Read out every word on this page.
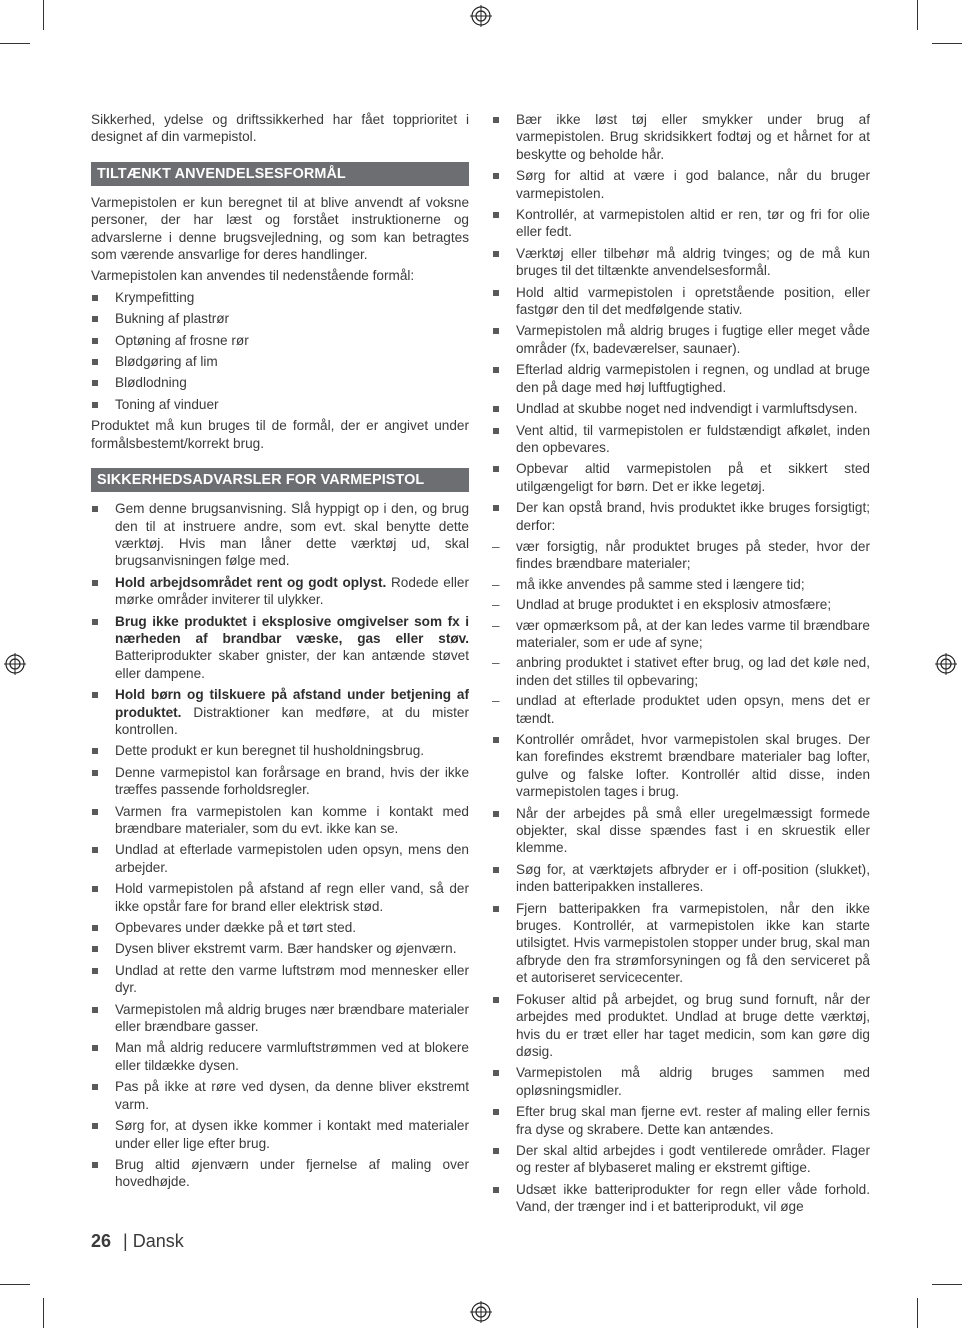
Sikkerhed, ydelse og driftssikkerhed har fået topprioritet i designet af din varmepistol.

TILTÆNKT ANVENDELSESFORMÅL

Varmepistolen er kun beregnet til at blive anvendt af voksne personer, der har læst og forstået instruktionerne og advarslerne i denne brugsvejledning, og som kan betragtes som værende ansvarlige for deres handlinger.

Varmepistolen kan anvendes til nedenstående formål:

Krympefitting
Bukning af plastrør
Optøning af frosne rør
Blødgøring af lim
Blødlodning
Toning af vinduer

Produktet må kun bruges til de formål, der er angivet under formålsbestemt/korrekt brug.

SIKKERHEDSADVARSLER FOR VARMEPISTOL
Gem denne brugsanvisning. Slå hyppigt op i den, og brug den til at instruere andre, som evt. skal benytte dette værktøj. Hvis man låner dette værktøj ud, skal brugsanvisningen følge med.
Hold arbejdsområdet rent og godt oplyst. Rodede eller mørke områder inviterer til ulykker.
Brug ikke produktet i eksplosive omgivelser som fx i nærheden af brandbar væske, gas eller støv. Batteriprodukter skaber gnister, der kan antænde støvet eller dampene.
Hold børn og tilskuere på afstand under betjening af produktet. Distraktioner kan medføre, at du mister kontrollen.
Dette produkt er kun beregnet til husholdningsbrug.
Denne varmepistol kan forårsage en brand, hvis der ikke træffes passende forholdsregler.
Varmen fra varmepistolen kan komme i kontakt med brændbare materialer, som du evt. ikke kan se.
Undlad at efterlade varmepistolen uden opsyn, mens den arbejder.
Hold varmepistolen på afstand af regn eller vand, så der ikke opstår fare for brand eller elektrisk stød.
Opbevares under dække på et tørt sted.
Dysen bliver ekstremt varm. Bær handsker og øjenværn.
Undlad at rette den varme luftstrøm mod mennesker eller dyr.
Varmepistolen må aldrig bruges nær brændbare materialer eller brændbare gasser.
Man må aldrig reducere varmluftstrømmen ved at blokere eller tildække dysen.
Pas på ikke at røre ved dysen, da denne bliver ekstremt varm.
Sørg for, at dysen ikke kommer i kontakt med materialer under eller lige efter brug.
Brug altid øjenværn under fjernelse af maling over hovedhøjde.
Bær ikke løst tøj eller smykker under brug af varmepistolen. Brug skridsikkert fodtøj og et hårnet for at beskytte og beholde hår.
Sørg for altid at være i god balance, når du bruger varmepistolen.
Kontrollér, at varmepistolen altid er ren, tør og fri for olie eller fedt.
Værktøj eller tilbehør må aldrig tvinges; og de må kun bruges til det tiltænkte anvendelsesformål.
Hold altid varmepistolen i opretstående position, eller fastgør den til det medfølgende stativ.
Varmepistolen må aldrig bruges i fugtige eller meget våde områder (fx, badeværelser, saunaer).
Efterlad aldrig varmepistolen i regnen, og undlad at bruge den på dage med høj luftfugtighed.
Undlad at skubbe noget ned indvendigt i varmluftsdysen.
Vent altid, til varmepistolen er fuldstændigt afkølet, inden den opbevares.
Opbevar altid varmepistolen på et sikkert sted utilgængeligt for børn. Det er ikke legetøj.
Der kan opstå brand, hvis produktet ikke bruges forsigtigt; derfor:
– vær forsigtig, når produktet bruges på steder, hvor der findes brændbare materialer;
– må ikke anvendes på samme sted i længere tid;
– Undlad at bruge produktet i en eksplosiv atmosfære;
– vær opmærksom på, at der kan ledes varme til brændbare materialer, som er ude af syne;
– anbring produktet i stativet efter brug, og lad det køle ned, inden det stilles til opbevaring;
– undlad at efterlade produktet uden opsyn, mens det er tændt.
Kontrollér området, hvor varmepistolen skal bruges. Der kan forefindes ekstremt brændbare materialer bag lofter, gulve og falske lofter. Kontrollér altid disse, inden varmepistolen tages i brug.
Når der arbejdes på små eller uregelmæssigt formede objekter, skal disse spændes fast i en skruestik eller klemme.
Søg for, at værktøjets afbryder er i off-position (slukket), inden batteripakken installeres.
Fjern batteripakken fra varmepistolen, når den ikke bruges. Kontrollér, at varmepistolen ikke kan starte utilsigtet. Hvis varmepistolen stopper under brug, skal man afbryde den fra strømforsyningen og få den serviceret på et autoriseret servicecenter.
Fokuser altid på arbejdet, og brug sund fornuft, når der arbejdes med produktet. Undlad at bruge dette værktøj, hvis du er træt eller har taget medicin, som kan gøre dig døsig.
Varmepistolen må aldrig bruges sammen med opløsningsmidler.
Efter brug skal man fjerne evt. rester af maling eller fernis fra dyse og skrabere. Dette kan antændes.
Der skal altid arbejdes i godt ventilerede områder. Flager og rester af blybaseret maling er ekstremt giftige.
Udsæt ikke batteriprodukter for regn eller våde forhold. Vand, der trænger ind i et batteriprodukt, vil øge
26 | Dansk
